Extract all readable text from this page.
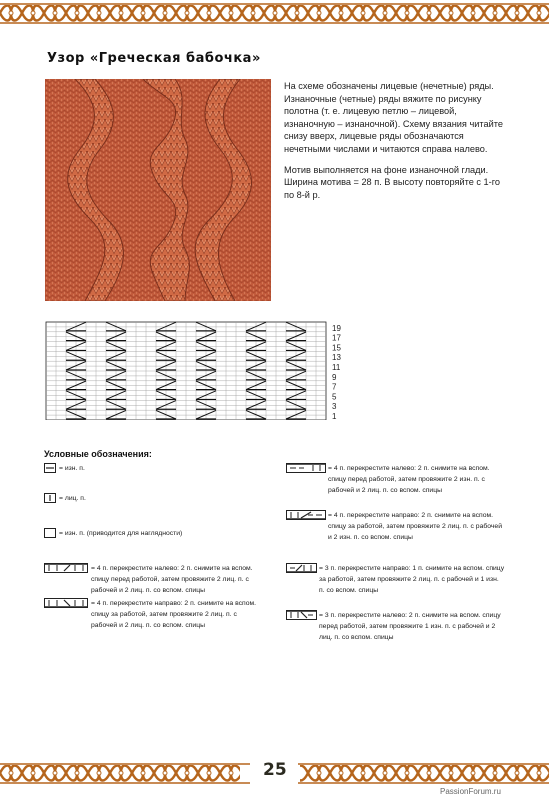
Узор «Греческая бабочка»

На схеме обозначены лицевые (нечетные) ряды. Изнаночные (четные) ряды вяжите по рисунку полотна (т. е. лицевую петлю – лицевой, изнаночную – изнаночной). Схему вязания читайте снизу вверх, лицевые ряды обозначаются нечетными числами и читаются справа налево.

Мотив выполняется на фоне изнаночной глади. Ширина мотива = 28 п. В высоту повторяйте с 1-го по 8-й р.

19
17
15
13
11
9
7
5
3
1
Условные обозначения:
= изн. п.
= лиц. п.
= изн. п. (приводится для наглядности)
= 4 п. перекрестите налево: 2 п. снимите на вспом. спицу перед работой, затем провяжите 2 лиц. п. с рабочей и 2 лиц. п. со вспом. спицы
= 4 п. перекрестите направо: 2 п. снимите на вспом. спицу за работой, затем провяжите 2 лиц. п. с рабочей и 2 лиц. п. со вспом. спицы
= 4 п. перекрестите налево: 2 п. снимите на вспом. спицу перед работой, затем провяжите 2 изн. п. с рабочей и 2 лиц. п. со вспом. спицы
= 4 п. перекрестите направо: 2 п. снимите на вспом. спицу за работой, затем провяжите 2 лиц. п. с рабочей и 2 изн. п. со вспом. спицы
= 3 п. перекрестите направо: 1 п. снимите на вспом. спицу за работой, затем провяжите 2 лиц. п. с рабочей и 1 изн. п. со вспом. спицы
= 3 п. перекрестите налево: 2 п. снимите на вспом. спицу перед работой, затем провяжите 1 изн. п. с рабочей и 2 лиц. п. со вспом. спицы
25
PassionForum.ru
